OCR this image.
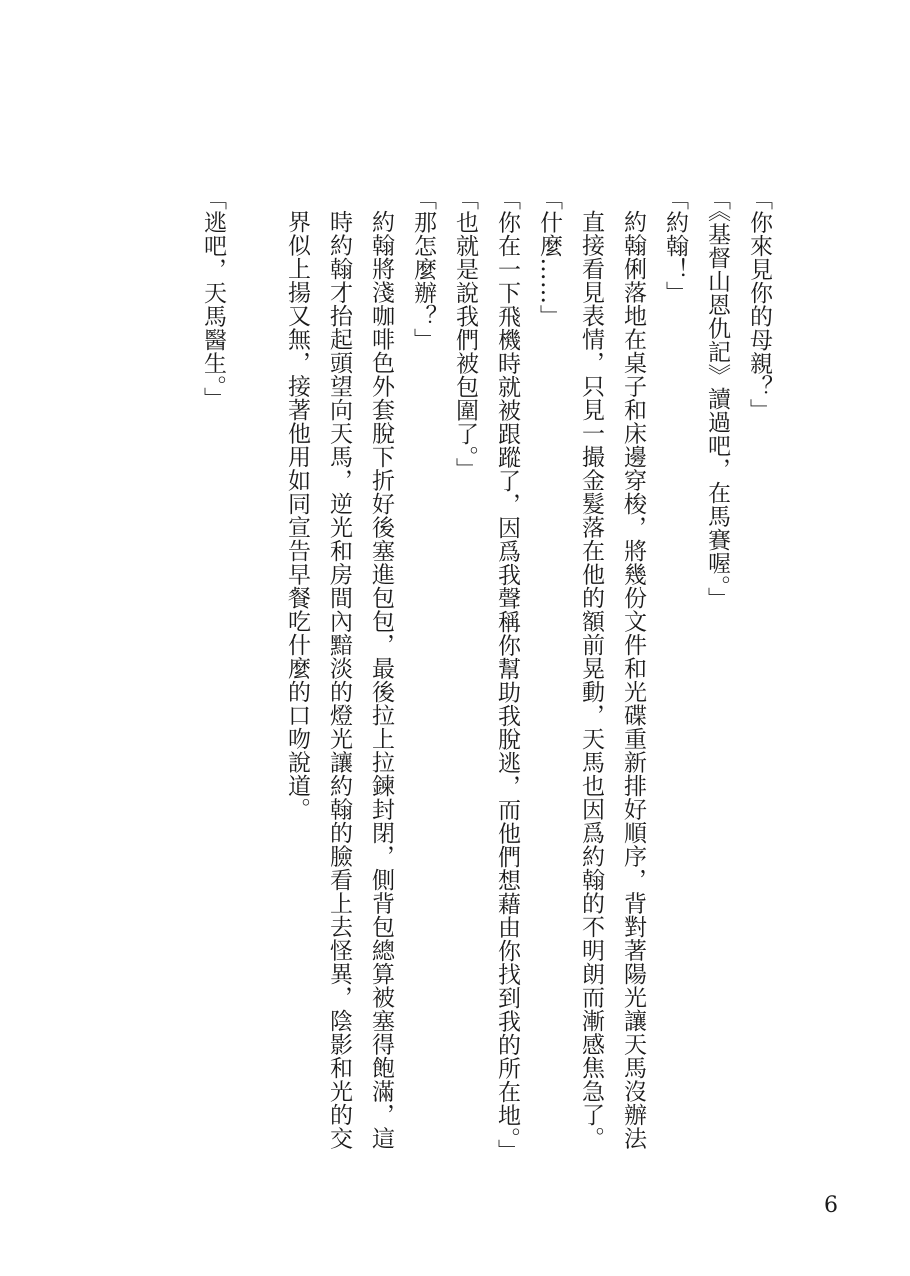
「你來見你的母親？」

「《基督山恩仇記》讀過吧，在馬賽喔。」

「約翰！」

約翰俐落地在桌子和床邊穿梭，將幾份文件和光碟重新排好順序，背對著陽光讓天馬沒辦法直接看見表情，只見一撮金髮落在他的額前晃動，天馬也因爲約翰的不明朗而漸感焦急了。

「什麼……」

「你在一下飛機時就被跟蹤了，因爲我聲稱你幫助我脫逃，而他們想藉由你找到我的所在地。」

「也就是說我們被包圍了。」

「那怎麼辦？」

約翰將淺咖啡色外套脫下折好後塞進包包，最後拉上拉鍊封閉，側背包總算被塞得飽滿，這時約翰才抬起頭望向天馬，逆光和房間內黯淡的燈光讓約翰的臉看上去怪異，陰影和光的交界似上揚又無，接著他用如同宣告早餐吃什麼的口吻說道。

「逃吧，天馬醫生。」

6
